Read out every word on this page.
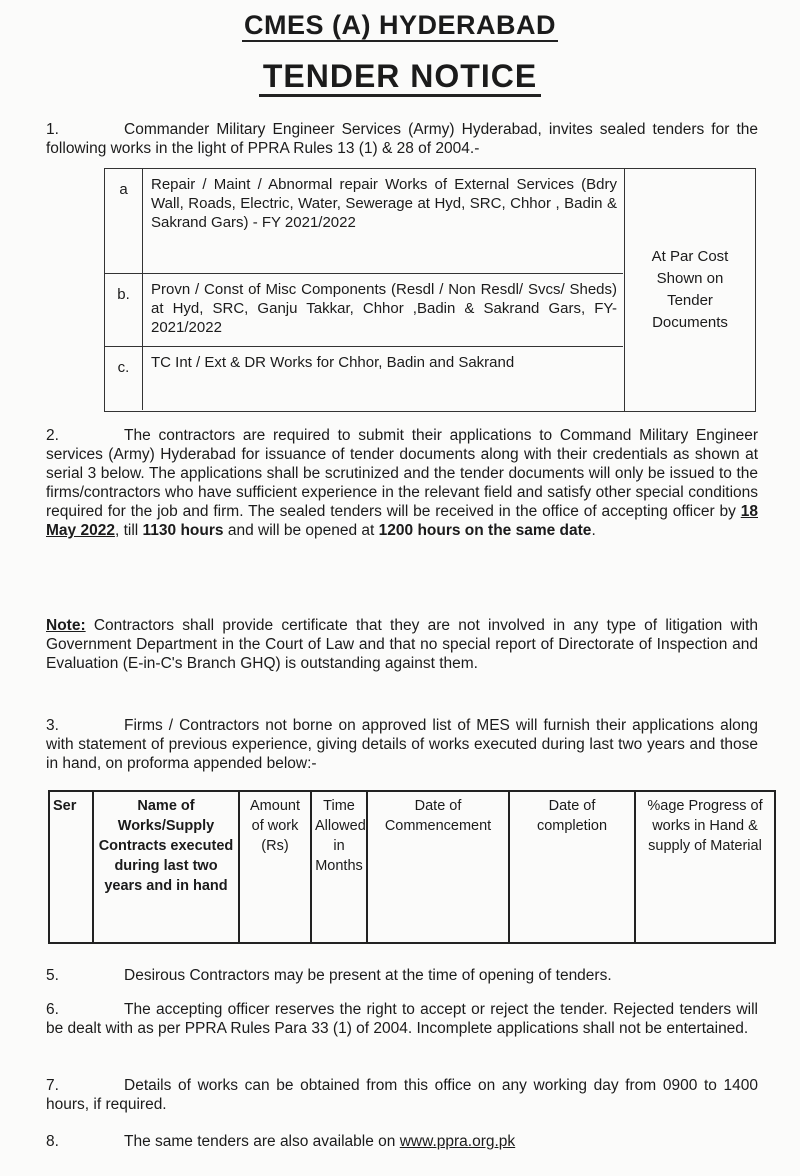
CMES (A) HYDERABAD
TENDER NOTICE
1.	Commander Military Engineer Services (Army) Hyderabad, invites sealed tenders for the following works in the light of PPRA Rules 13 (1) & 28 of 2004.-
a	Repair / Maint / Abnormal repair Works of External Services (Bdry Wall, Roads, Electric, Water, Sewerage at Hyd, SRC, Chhor , Badin & Sakrand Gars) - FY 2021/2022
b.	Provn / Const of Misc Components (Resdl / Non Resdl/ Svcs/ Sheds) at Hyd, SRC, Ganju Takkar, Chhor ,Badin & Sakrand Gars, FY-2021/2022
c.	TC Int / Ext & DR Works for Chhor, Badin and Sakrand
At Par Cost Shown on Tender Documents
2.	The contractors are required to submit their applications to Command Military Engineer services (Army) Hyderabad for issuance of tender documents along with their credentials as shown at serial 3 below. The applications shall be scrutinized and the tender documents will only be issued to the firms/contractors who have sufficient experience in the relevant field and satisfy other special conditions required for the job and firm. The sealed tenders will be received in the office of accepting officer by 18 May 2022, till 1130 hours and will be opened at 1200 hours on the same date.
Note: Contractors shall provide certificate that they are not involved in any type of litigation with Government Department in the Court of Law and that no special report of Directorate of Inspection and Evaluation (E-in-C's Branch GHQ) is outstanding against them.
3.	Firms / Contractors not borne on approved list of MES will furnish their applications along with statement of previous experience, giving details of works executed during last two years and those in hand, on proforma appended below:-
Ser	Name of Works/Supply Contracts executed during last two years and in hand	Amount of work (Rs)	Time Allowed in Months	Date of Commencement	Date of completion	%age Progress of works in Hand & supply of Material
5.	Desirous Contractors may be present at the time of opening of tenders.
6.	The accepting officer reserves the right to accept or reject the tender. Rejected tenders will be dealt with as per PPRA Rules Para 33 (1) of 2004. Incomplete applications shall not be entertained.
7.	Details of works can be obtained from this office on any working day from 0900 to 1400 hours, if required.
8.	The same tenders are also available on www.ppra.org.pk
